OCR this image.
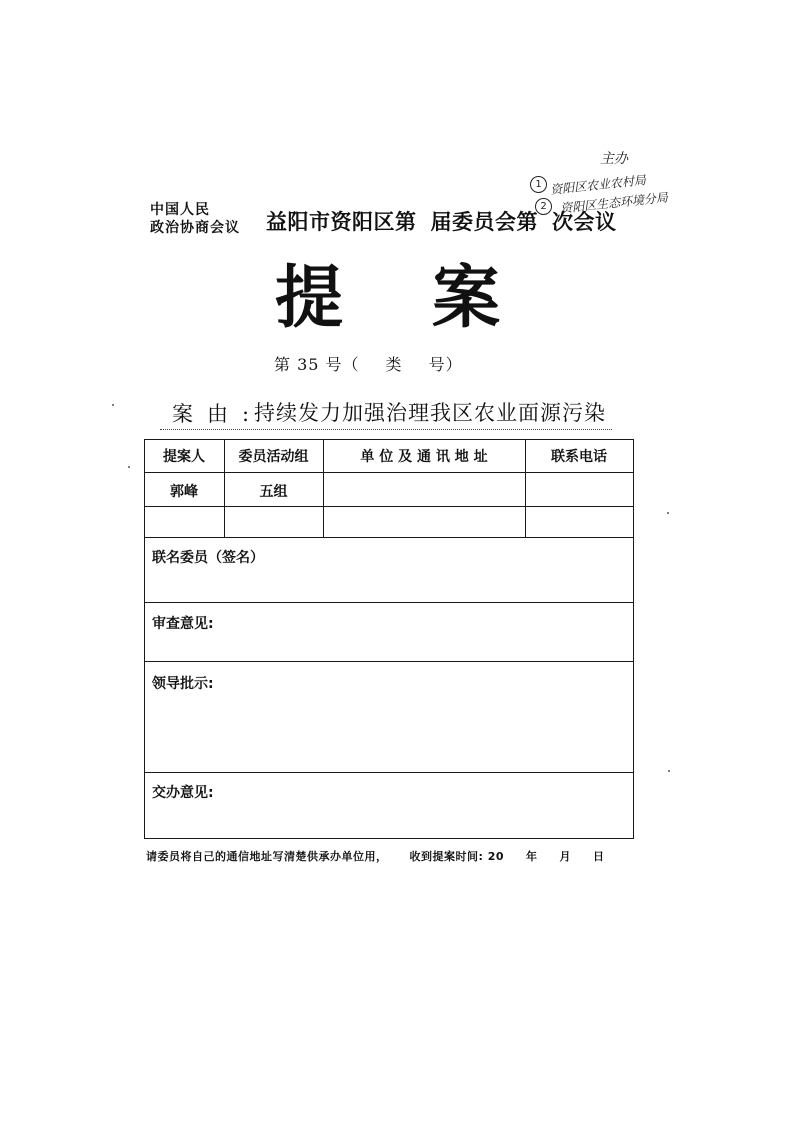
中国人民
政治协商会议 益阳市资阳区第 届委员会第 次会议
主办
1 资阳区农业农村局
2	资阳区生态环境分局
提 案
第 35 号（ 类 号）
案由:
持续发力加强治理我区农业面源污染
提案人	委员活动组	单 位 及 通 讯 地 址	联系电话
郭峰	五组
联名委员（签名）
审查意见:
领导批示:
交办意见:
请委员将自己的通信地址写清楚供承办单位用， 收到提案时间: 20 年 月 日
